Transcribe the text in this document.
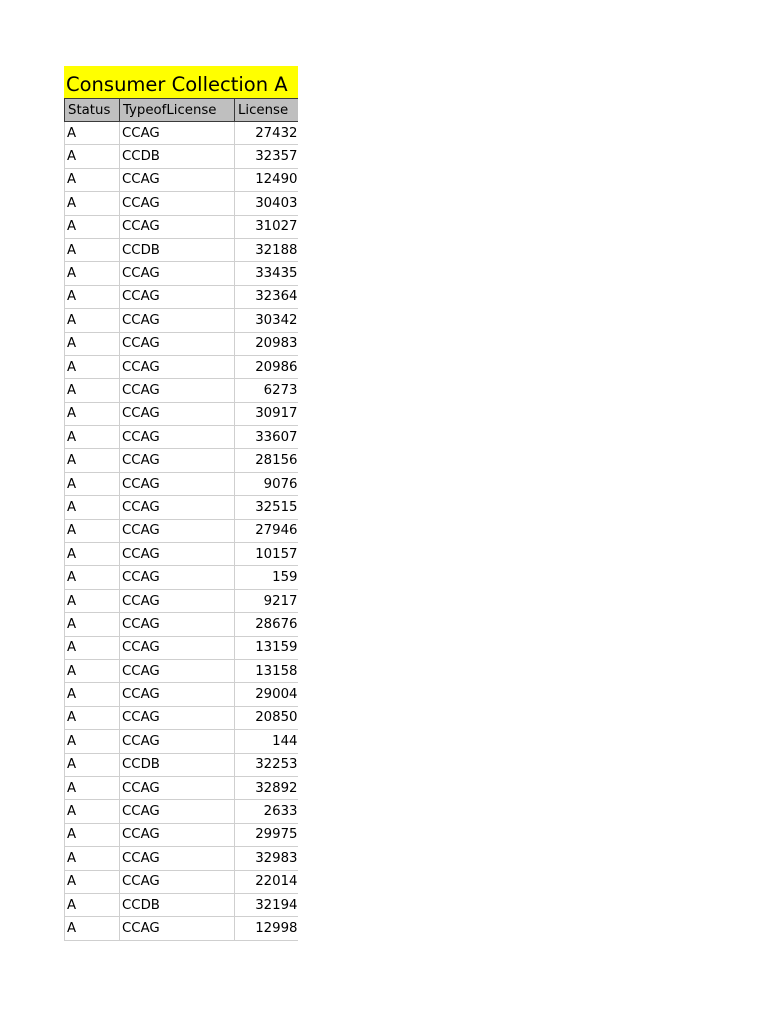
Consumer Collection A
Status	TypeofLicense	License
A	CCAG	27432
A	CCDB	32357
A	CCAG	12490
A	CCAG	30403
A	CCAG	31027
A	CCDB	32188
A	CCAG	33435
A	CCAG	32364
A	CCAG	30342
A	CCAG	20983
A	CCAG	20986
A	CCAG	6273
A	CCAG	30917
A	CCAG	33607
A	CCAG	28156
A	CCAG	9076
A	CCAG	32515
A	CCAG	27946
A	CCAG	10157
A	CCAG	159
A	CCAG	9217
A	CCAG	28676
A	CCAG	13159
A	CCAG	13158
A	CCAG	29004
A	CCAG	20850
A	CCAG	144
A	CCDB	32253
A	CCAG	32892
A	CCAG	2633
A	CCAG	29975
A	CCAG	32983
A	CCAG	22014
A	CCDB	32194
A	CCAG	12998
